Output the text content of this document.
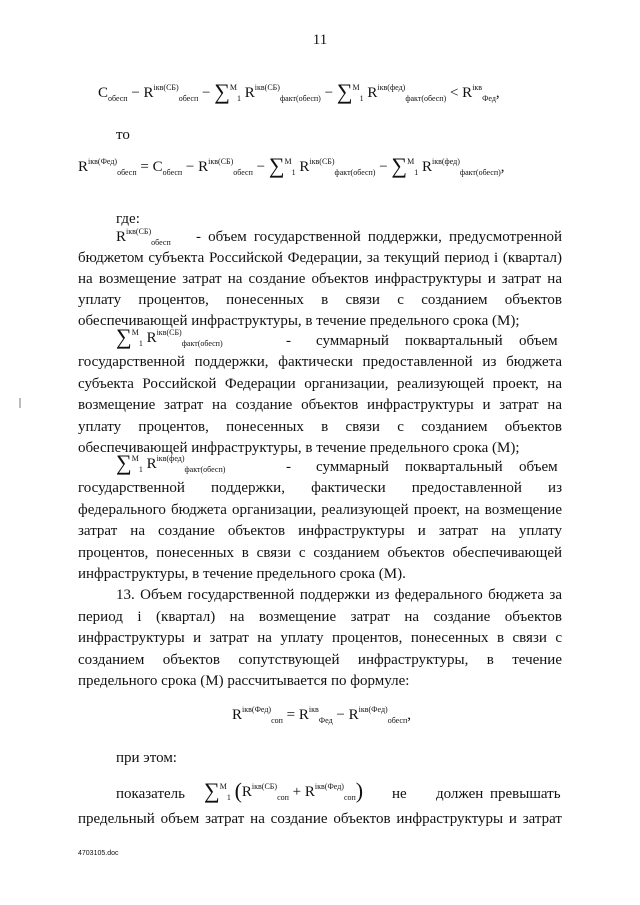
11
$C_{обесп} - R^{ікв(СБ)}_{обесп} - \sum^M_1$ $R^{ікв(СБ)}_{факт(обесп)} - \sum^M_1$ $R^{ікв(фед)}_{факт(обесп)} < R^{ікв}_{Фед}$,
то
$R^{ікв(Фед)}_{обесп} = C_{обесп} - R^{ікв(СБ)}_{обесп} - \sum^M_1$ $R^{ікв(СБ)}_{факт(обесп)} - \sum^M_1$ $R^{ікв(фед)}_{факт(обесп)}$,
где:
$R^{ікв(СБ)}_{обесп}$ - объем государственной поддержки, предусмотренной
бюджетом субъекта Российской Федерации, за текущий период і (квартал)
на возмещение затрат на создание объектов инфраструктуры и затрат на
уплату процентов, понесенных в связи с созданием объектов
обеспечивающей инфраструктуры, в течение предельного срока (М);
∑$^M_1$ $R^{ікв(СБ)}_{факт(обесп)}$	- суммарный поквартальный объем
государственной поддержки, фактически предоставленной из бюджета
субъекта Российской Федерации организации, реализующей проект, на
возмещение затрат на создание объектов инфраструктуры и затрат на
уплату процентов, понесенных в связи с созданием объектов
обеспечивающей инфраструктуры, в течение предельного срока (М);
∑$^M_1$ $R^{ікв(фед)}_{факт(обесп)}$	- суммарный поквартальный объем
государственной поддержки, фактически предоставленной из
федерального бюджета организации, реализующей проект, на возмещение
затрат на создание объектов инфраструктуры и затрат на уплату
процентов, понесенных в связи с созданием объектов обеспечивающей
инфраструктуры, в течение предельного срока (М).
13. Объем государственной поддержки из федерального бюджета за
период і (квартал) на возмещение затрат на создание объектов
инфраструктуры и затрат на уплату процентов, понесенных в связи с
созданием объектов сопутствующей инфраструктуры, в течение
предельного срока (М) рассчитывается по формуле:
$R^{ікв(Фед)}_{соп} = R^{ікв}_{Фед} - R^{ікв(Фед)}_{обесп}$,
при этом:
показатель ∑$^M_1$ $(R^{ікв(СБ)}_{соп} + R^{ікв(Фед)}_{соп})$ не должен превышать
предельный объем затрат на создание объектов инфраструктуры и затрат
4703105.doc
